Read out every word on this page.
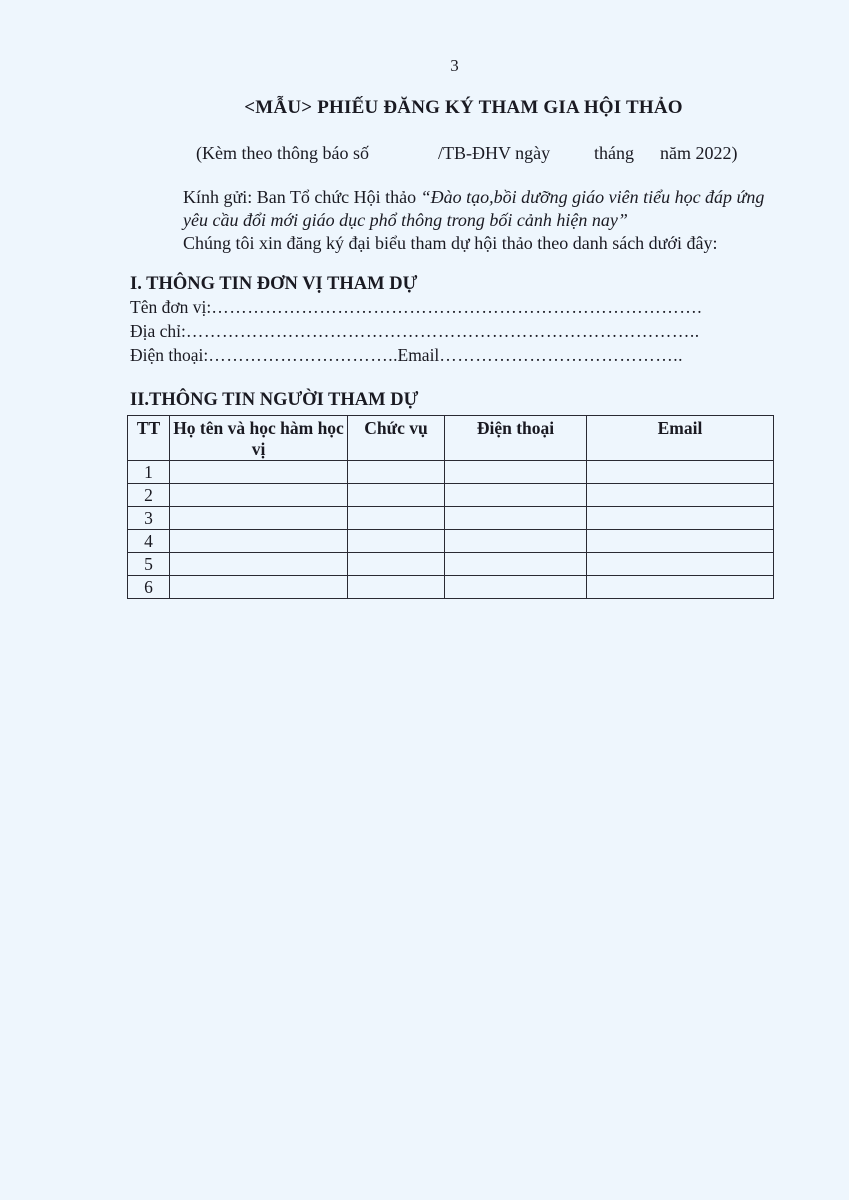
3
<MẪU> PHIẾU ĐĂNG KÝ THAM GIA HỘI THẢO
(Kèm theo thông báo số	/TB-ĐHV ngày tháng năm 2022)

Kính gửi: Ban Tổ chức Hội thảo “Đào tạo,bồi dưỡng giáo viên tiểu học đáp ứng yêu cầu đổi mới giáo dục phổ thông trong bối cảnh hiện nay”

Chúng tôi xin đăng ký đại biểu tham dự hội thảo theo danh sách dưới đây:

I. THÔNG TIN ĐƠN VỊ THAM DỰ
Tên đơn vị:……………………………………………………………………….
Địa chỉ:…………………………………………………………………………..
Điện thoại:…………………………..Email…………………………………..
II.THÔNG TIN NGƯỜI THAM DỰ
TT	Họ tên và học hàm học vị	Chức vụ	Điện thoại	Email
1				
2				
3				
4				
5				
6				
